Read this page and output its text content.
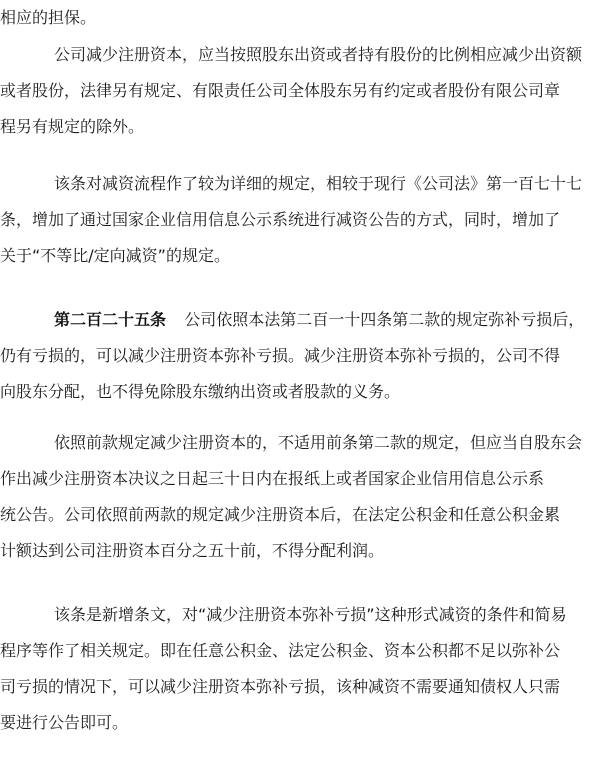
相应的担保。
公司减少注册资本，应当按照股东出资或者持有股份的比例相应减少出资额
或者股份，法律另有规定、有限责任公司全体股东另有约定或者股份有限公司章
程另有规定的除外。
该条对减资流程作了较为详细的规定，相较于现行《公司法》第一百七十七
条，增加了通过国家企业信用信息公示系统进行减资公告的方式，同时，增加了
关于“不等比/定向减资”的规定。
第二百二十五条 公司依照本法第二百一十四条第二款的规定弥补亏损后，
仍有亏损的，可以减少注册资本弥补亏损。减少注册资本弥补亏损的，公司不得
向股东分配，也不得免除股东缴纳出资或者股款的义务。
依照前款规定减少注册资本的，不适用前条第二款的规定，但应当自股东会
作出减少注册资本决议之日起三十日内在报纸上或者国家企业信用信息公示系
统公告。公司依照前两款的规定减少注册资本后，在法定公积金和任意公积金累
计额达到公司注册资本百分之五十前，不得分配利润。
该条是新增条文，对“减少注册资本弥补亏损”这种形式减资的条件和简易
程序等作了相关规定。即在任意公积金、法定公积金、资本公积都不足以弥补公
司亏损的情况下，可以减少注册资本弥补亏损，该种减资不需要通知债权人只需
要进行公告即可。
